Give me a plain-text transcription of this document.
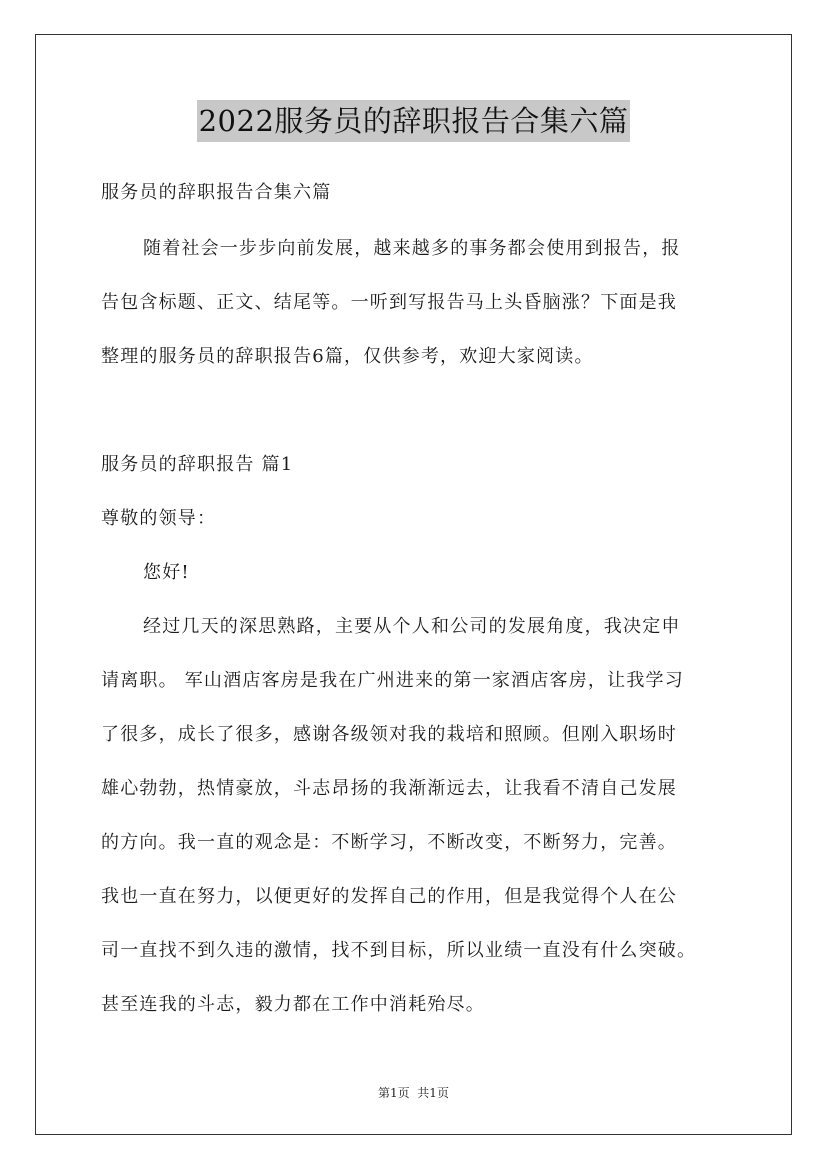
2022服务员的辞职报告合集六篇
服务员的辞职报告合集六篇
随着社会一步步向前发展，越来越多的事务都会使用到报告，报
告包含标题、正文、结尾等。一听到写报告马上头昏脑涨？下面是我
整理的服务员的辞职报告6篇，仅供参考，欢迎大家阅读。
服务员的辞职报告 篇1
尊敬的领导：
您好!
经过几天的深思熟路，主要从个人和公司的发展角度，我决定申
请离职。 军山酒店客房是我在广州进来的第一家酒店客房，让我学习
了很多，成长了很多，感谢各级领对我的栽培和照顾。但刚入职场时
雄心勃勃，热情豪放，斗志昂扬的我渐渐远去，让我看不清自己发展
的方向。我一直的观念是：不断学习，不断改变，不断努力，完善。
我也一直在努力，以便更好的发挥自己的作用，但是我觉得个人在公
司一直找不到久违的激情，找不到目标，所以业绩一直没有什么突破。
甚至连我的斗志，毅力都在工作中消耗殆尽。
第1页  共1页
